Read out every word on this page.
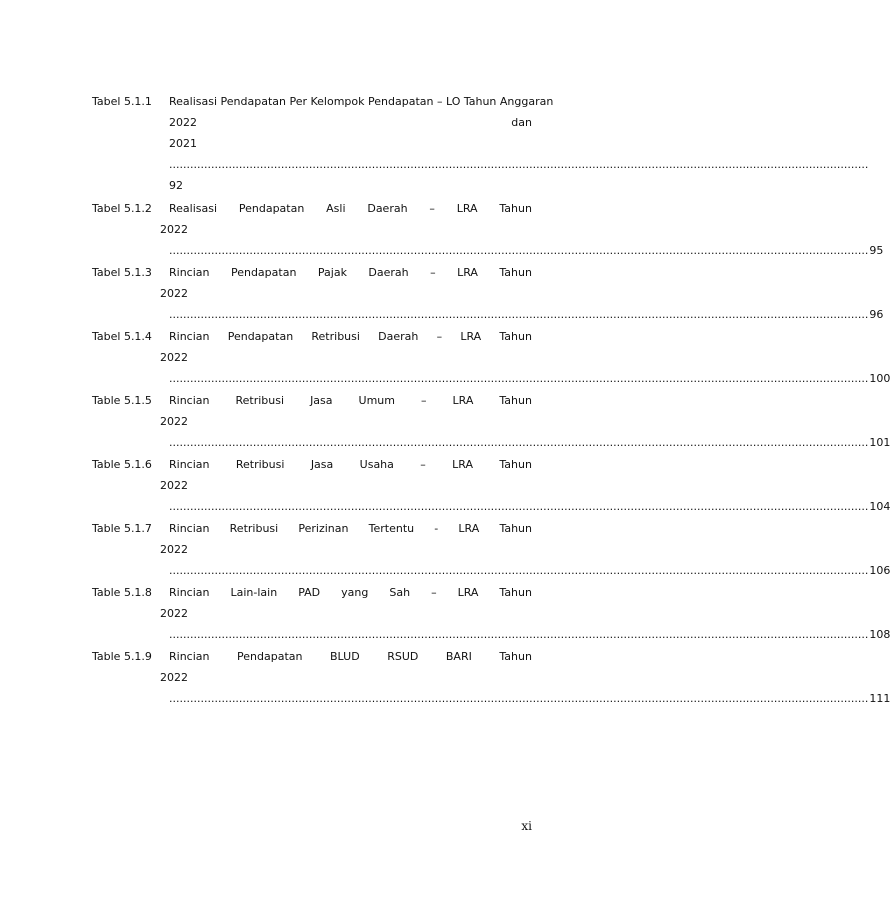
Tabel 5.1.1 Realisasi Pendapatan Per Kelompok Pendapatan – LO Tahun Anggaran
2022	dan
2021
........................................................................................................................................................................................................
92
Tabel 5.1.2 Realisasi Pendapatan Asli Daerah – LRA Tahun
2022
........................................................................................................................................................................................................ 95
Tabel 5.1.3 Rincian Pendapatan Pajak Daerah – LRA Tahun
2022
........................................................................................................................................................................................................ 96
Tabel 5.1.4 Rincian Pendapatan Retribusi Daerah – LRA Tahun
2022
........................................................................................................................................................................................................ 100
Table 5.1.5 Rincian Retribusi Jasa Umum – LRA Tahun
2022
........................................................................................................................................................................................................ 101
Table 5.1.6 Rincian Retribusi Jasa Usaha – LRA Tahun
2022
........................................................................................................................................................................................................ 104
Table 5.1.7 Rincian Retribusi Perizinan Tertentu - LRA Tahun
2022
........................................................................................................................................................................................................ 106
Table 5.1.8 Rincian Lain-lain PAD yang Sah – LRA Tahun
2022
........................................................................................................................................................................................................ 108
Table 5.1.9 Rincian	Pendapatan	BLUD	RSUD	BARI	Tahun
2022
........................................................................................................................................................................................................ 111
xi
